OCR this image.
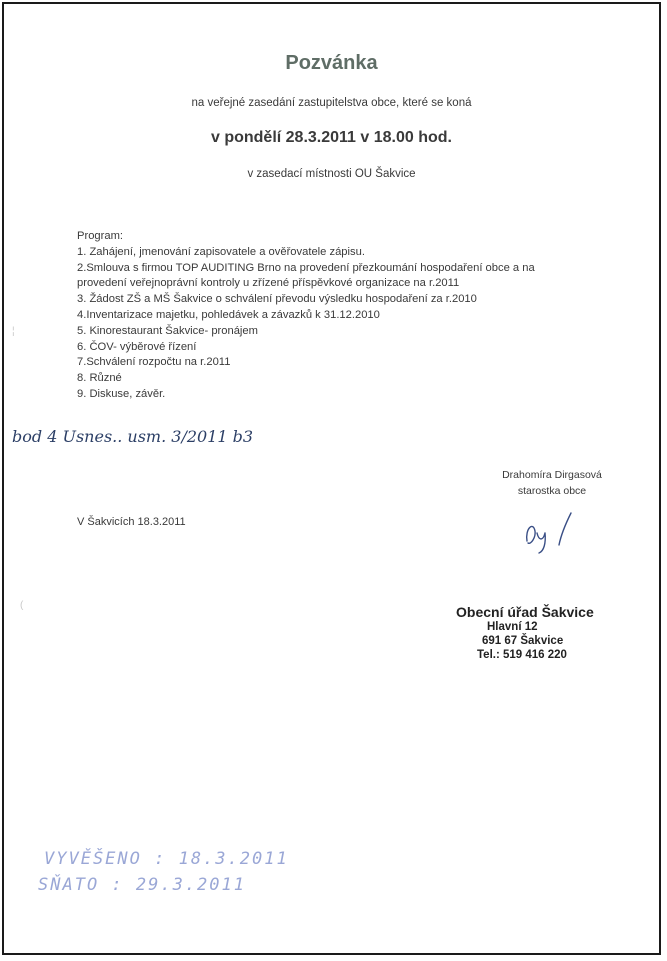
Pozvánka
na veřejné zasedání zastupitelstva obce, které se koná
v pondělí 28.3.2011 v 18.00 hod.
v zasedací místnosti OU Šakvice
Program:
1. Zahájení, jmenování zapisovatele a ověřovatele zápisu.
2.Smlouva s firmou TOP AUDITING Brno na provedení přezkoumání hospodaření obce a na
provedení veřejnoprávní kontroly u zřízené příspěvkové organizace na r.2011
3. Žádost ZŠ a MŠ Šakvice o schválení převodu výsledku hospodaření za r.2010
4.Inventarizace majetku, pohledávek a závazků k 31.12.2010
5. Kinorestaurant Šakvice- pronájem
6. ČOV- výběrové řízení
7.Schválení rozpočtu na r.2011
8. Různé
9. Diskuse, závěr.
¦
(
bod 4 Usnes.. usm. 3/2011 b3
Drahomíra Dirgasová
starostka obce
V Šakvicích 18.3.2011
Obecní úřad Šakvice
Hlavní 12
691 67 Šakvice
Tel.: 519 416 220
VYVĚŠENO : 18.3.2011
SŇATO : 29.3.2011
